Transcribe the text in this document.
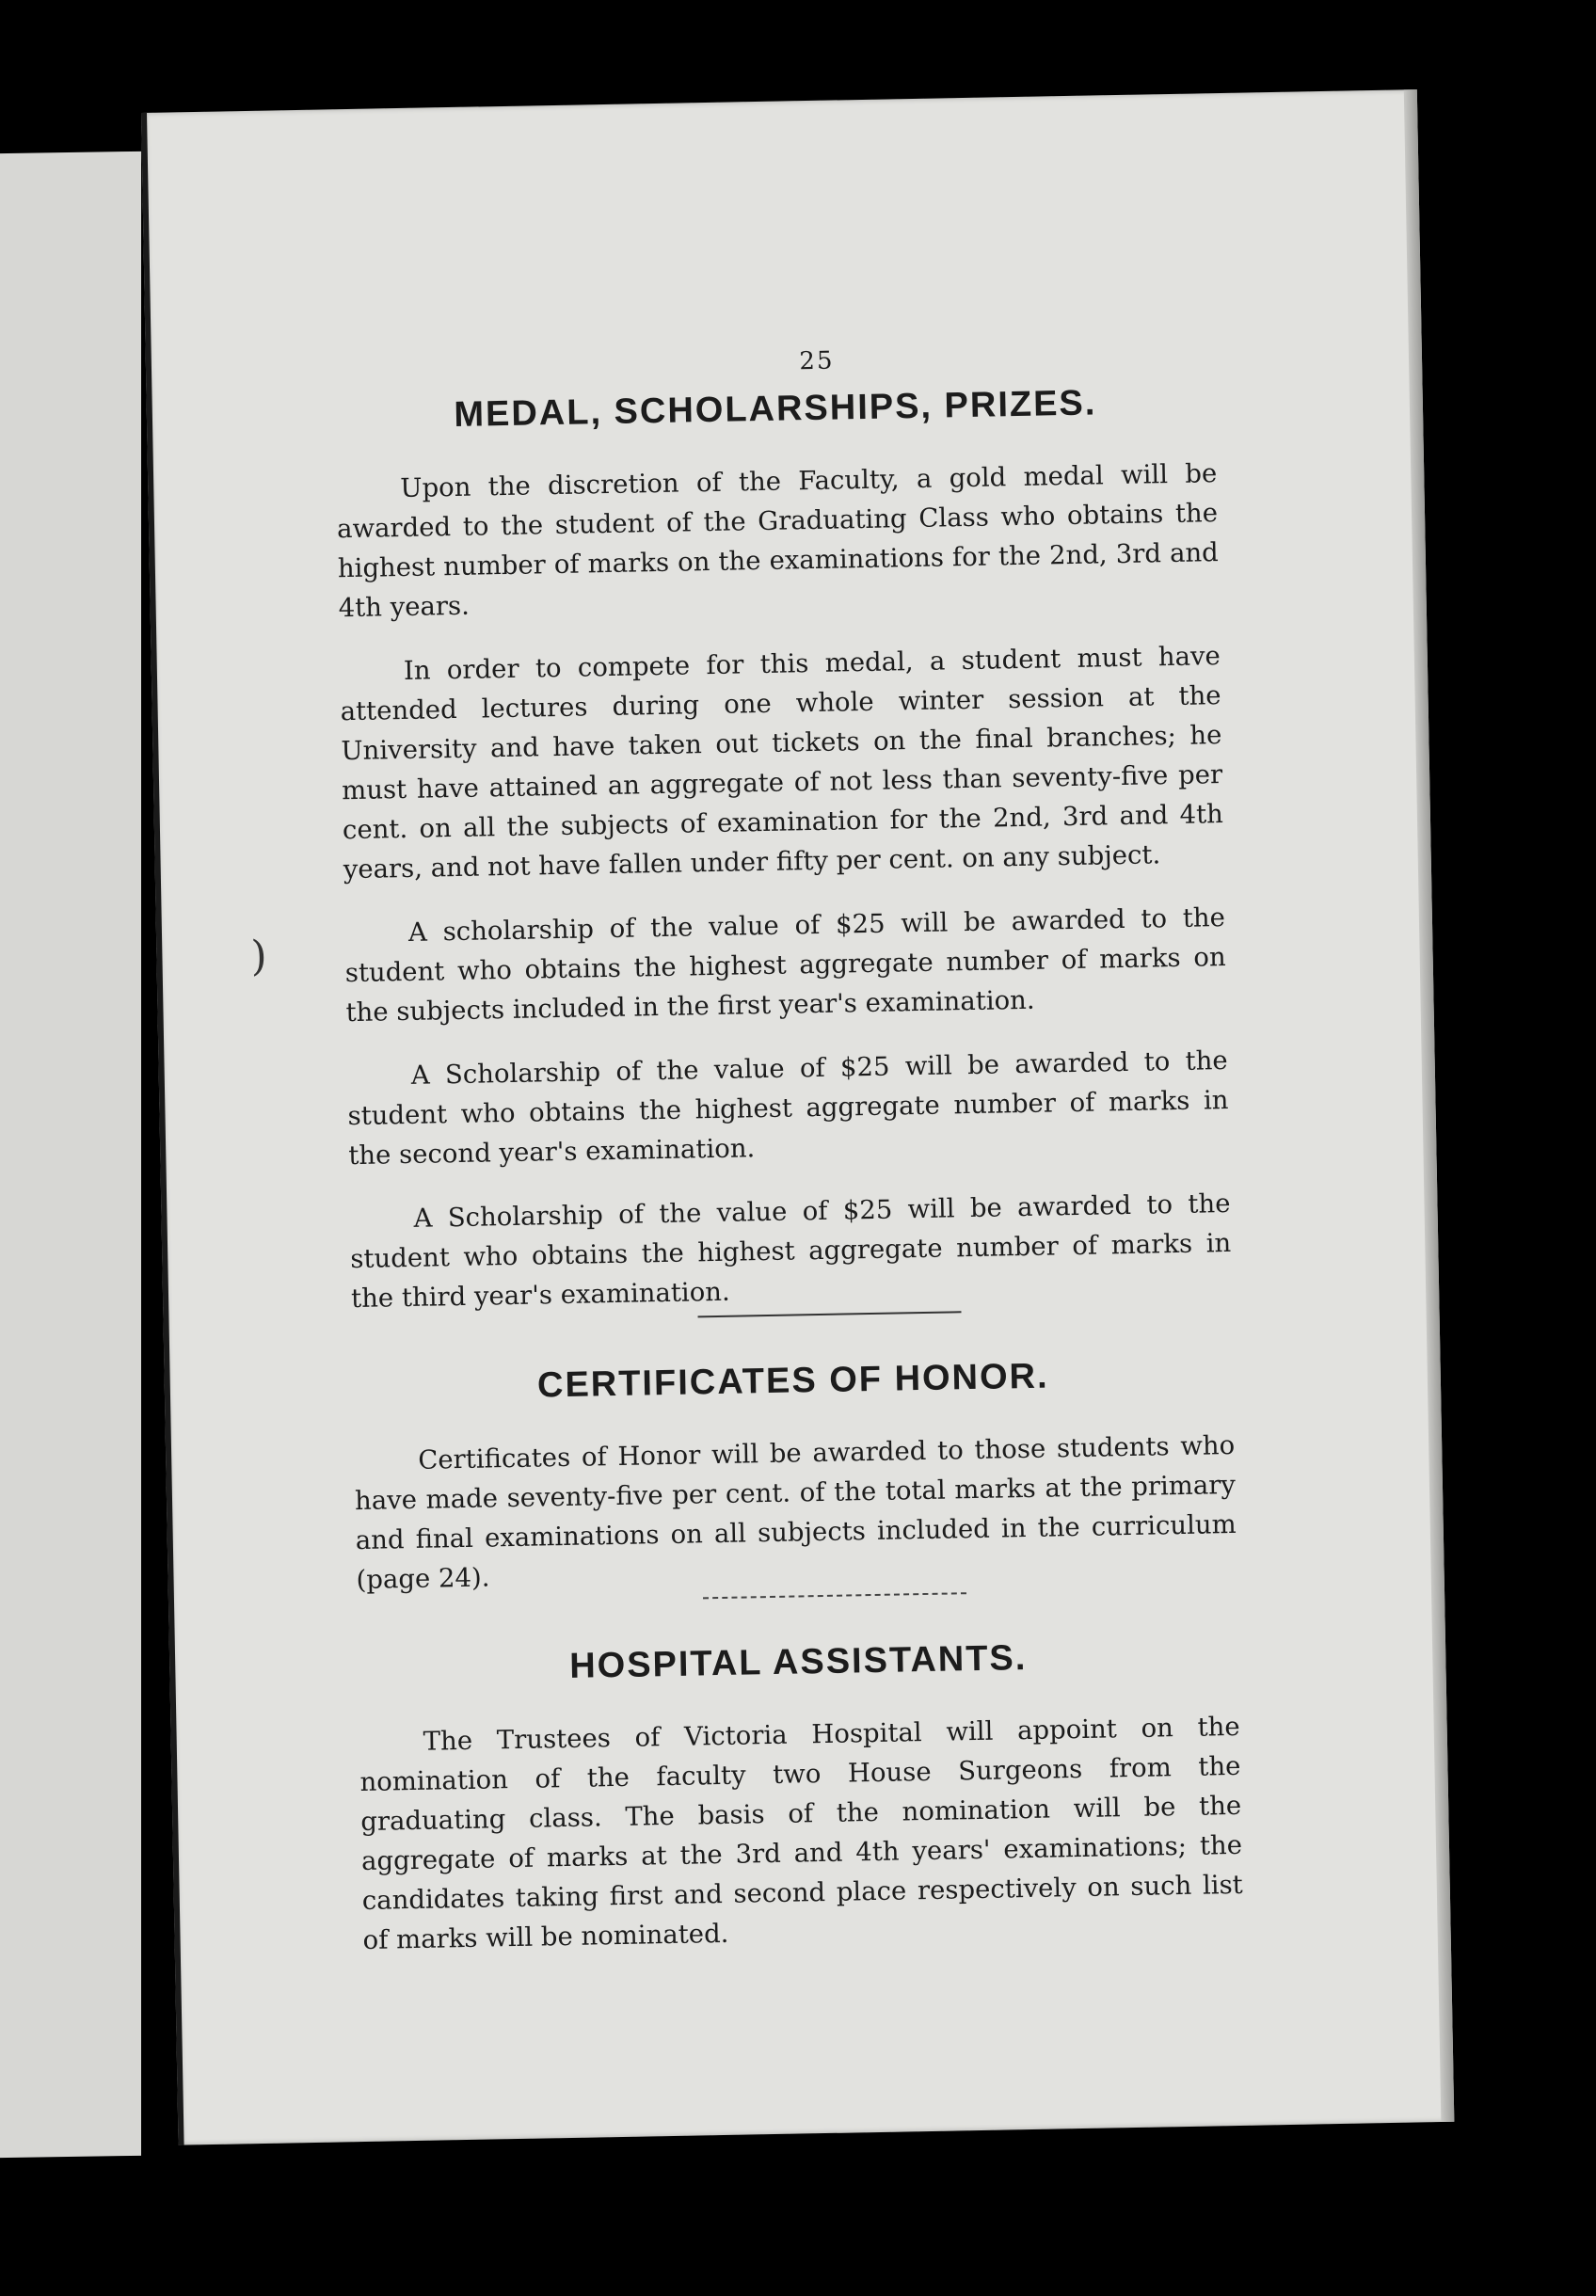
)
25
MEDAL, SCHOLARSHIPS, PRIZES.

Upon the discretion of the Faculty, a gold medal will be awarded to the student of the Graduating Class who obtains the highest number of marks on the examinations for the 2nd, 3rd and 4th years.

In order to compete for this medal, a student must have attended lectures during one whole winter session at the University and have taken out tickets on the final branches; he must have attained an aggregate of not less than seventy-five per cent. on all the subjects of examination for the 2nd, 3rd and 4th years, and not have fallen under fifty per cent. on any subject.

A scholarship of the value of $25 will be awarded to the student who obtains the highest aggregate number of marks on the subjects included in the first year's examination.

A Scholarship of the value of $25 will be awarded to the student who obtains the highest aggregate number of marks in the second year's examination.

A Scholarship of the value of $25 will be awarded to the student who obtains the highest aggregate number of marks in the third year's examination.

CERTIFICATES OF HONOR.

Certificates of Honor will be awarded to those students who have made seventy-five per cent. of the total marks at the primary and final examinations on all subjects included in the curriculum (page 24).

HOSPITAL ASSISTANTS.

The Trustees of Victoria Hospital will appoint on the nomination of the faculty two House Surgeons from the graduating class. The basis of the nomination will be the aggregate of marks at the 3rd and 4th years' examinations; the candidates taking first and second place respectively on such list of marks will be nominated.
